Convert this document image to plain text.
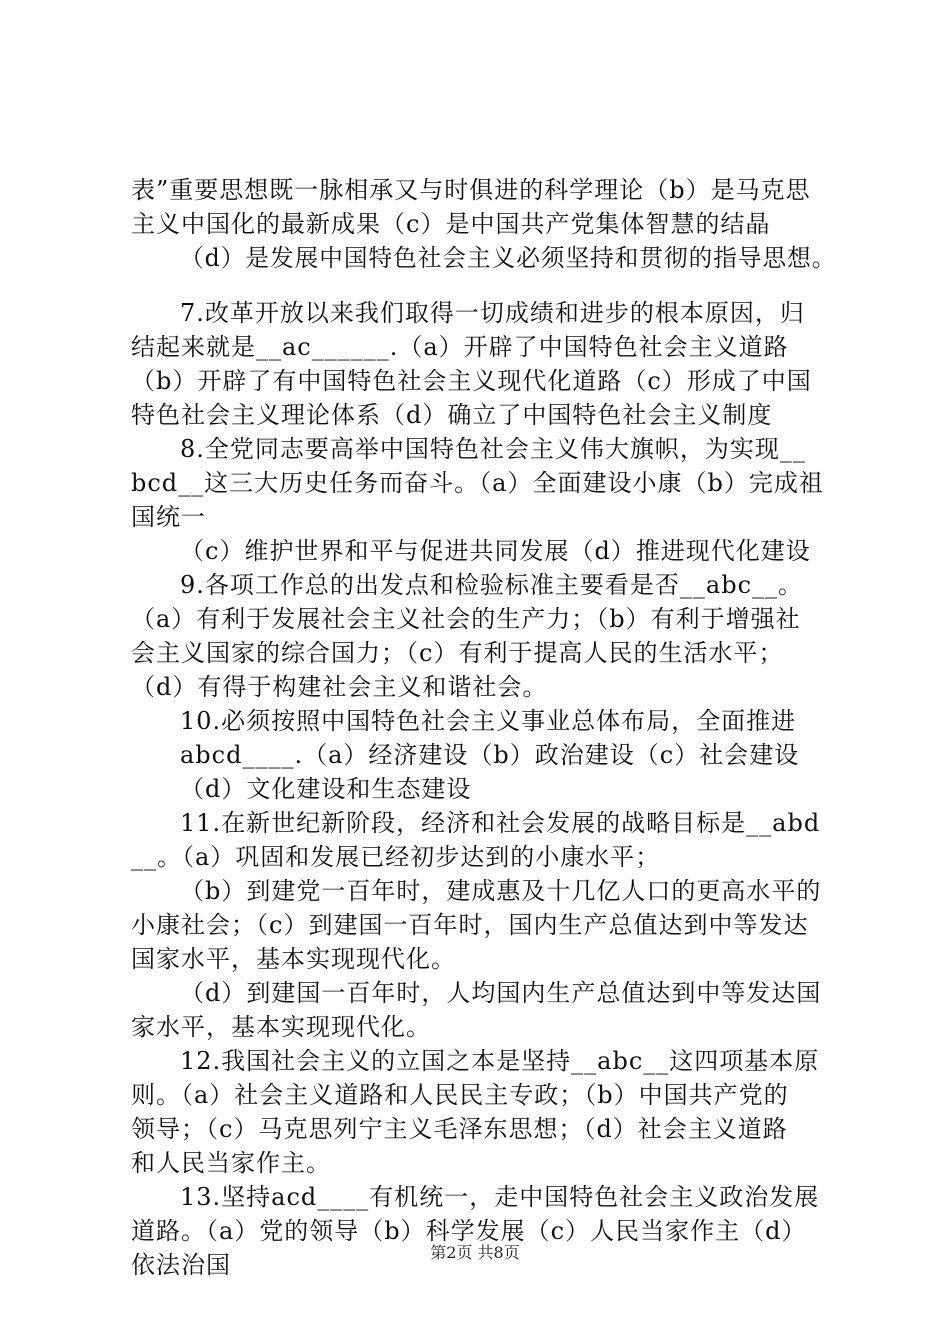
表”重要思想既一脉相承又与时俱进的科学理论（b）是马克思
主义中国化的最新成果（c）是中国共产党集体智慧的结晶
（d）是发展中国特色社会主义必须坚持和贯彻的指导思想。
7.改革开放以来我们取得一切成绩和进步的根本原因，归
结起来就是__ac______.（a）开辟了中国特色社会主义道路
（b）开辟了有中国特色社会主义现代化道路（c）形成了中国
特色社会主义理论体系（d）确立了中国特色社会主义制度
8.全党同志要高举中国特色社会主义伟大旗帜，为实现__
bcd__这三大历史任务而奋斗。（a）全面建设小康（b）完成祖
国统一
（c）维护世界和平与促进共同发展（d）推进现代化建设
9.各项工作总的出发点和检验标准主要看是否__abc__。
（a）有利于发展社会主义社会的生产力；（b）有利于增强社
会主义国家的综合国力；（c）有利于提高人民的生活水平；
（d）有得于构建社会主义和谐社会。
10.必须按照中国特色社会主义事业总体布局，全面推进
abcd____.（a）经济建设（b）政治建设（c）社会建设
（d）文化建设和生态建设
11.在新世纪新阶段，经济和社会发展的战略目标是__abd
__。（a）巩固和发展已经初步达到的小康水平；
（b）到建党一百年时，建成惠及十几亿人口的更高水平的
小康社会；（c）到建国一百年时，国内生产总值达到中等发达
国家水平，基本实现现代化。
（d）到建国一百年时，人均国内生产总值达到中等发达国
家水平，基本实现现代化。
12.我国社会主义的立国之本是坚持__abc__这四项基本原
则。（a）社会主义道路和人民民主专政；（b）中国共产党的
领导；（c）马克思列宁主义毛泽东思想；（d）社会主义道路
和人民当家作主。
13.坚持acd____有机统一，走中国特色社会主义政治发展
道路。（a）党的领导（b）科学发展（c）人民当家作主（d）
依法治国	第2页 共8页
